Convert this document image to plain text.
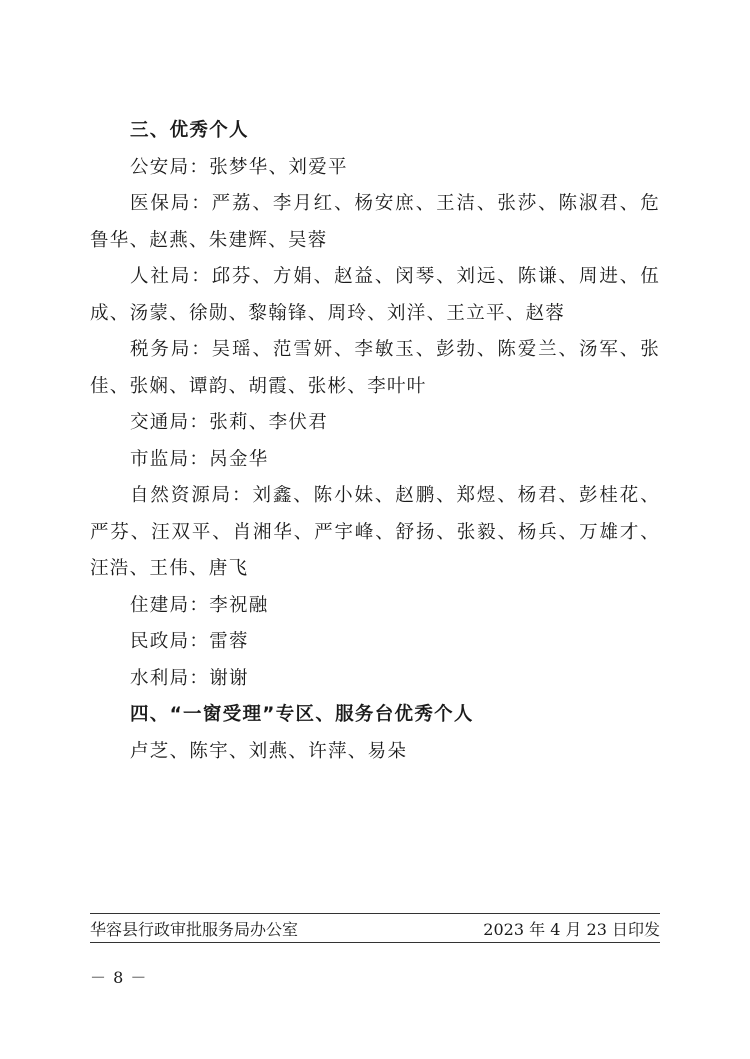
三、优秀个人
公安局：张梦华、刘爱平
医保局：严荔、李月红、杨安庶、王洁、张莎、陈淑君、危鲁华、赵燕、朱建辉、吴蓉
人社局：邱芬、方娟、赵益、闵琴、刘远、陈谦、周进、伍成、汤蒙、徐勋、黎翰锋、周玲、刘洋、王立平、赵蓉
税务局：吴瑶、范雪妍、李敏玉、彭勃、陈爱兰、汤军、张佳、张娴、谭韵、胡霞、张彬、李叶叶
交通局：张莉、李伏君
市监局：呙金华
自然资源局：刘鑫、陈小妹、赵鹏、郑煜、杨君、彭桂花、严芬、汪双平、肖湘华、严宇峰、舒扬、张毅、杨兵、万雄才、汪浩、王伟、唐飞
住建局：李祝融
民政局：雷蓉
水利局：谢谢
四、“一窗受理”专区、服务台优秀个人
卢芝、陈宇、刘燕、许萍、易朵
华容县行政审批服务局办公室	2023 年 4 月 23 日印发
－ 8 －
